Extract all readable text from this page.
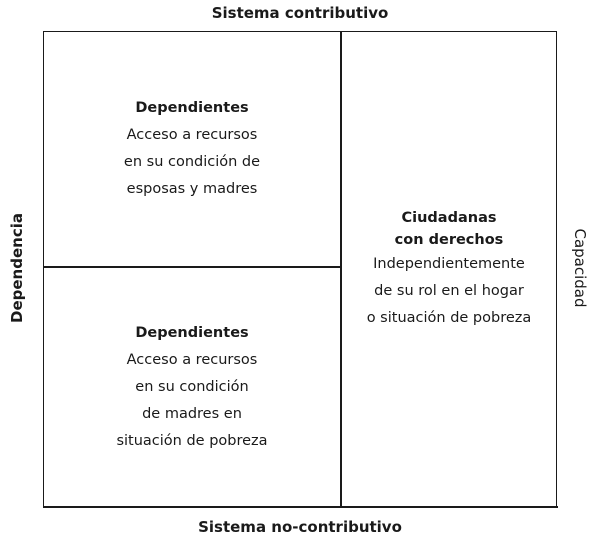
Sistema contributivo
Dependencia	Capacidad
Dependientes
Acceso a recursos
en su condición de
esposas y madres
Dependientes
Acceso a recursos
en su condición
de madres en
situación de pobreza
Ciudadanas
con derechos
Independientemente
de su rol en el hogar
o situación de pobreza
Sistema no-contributivo
